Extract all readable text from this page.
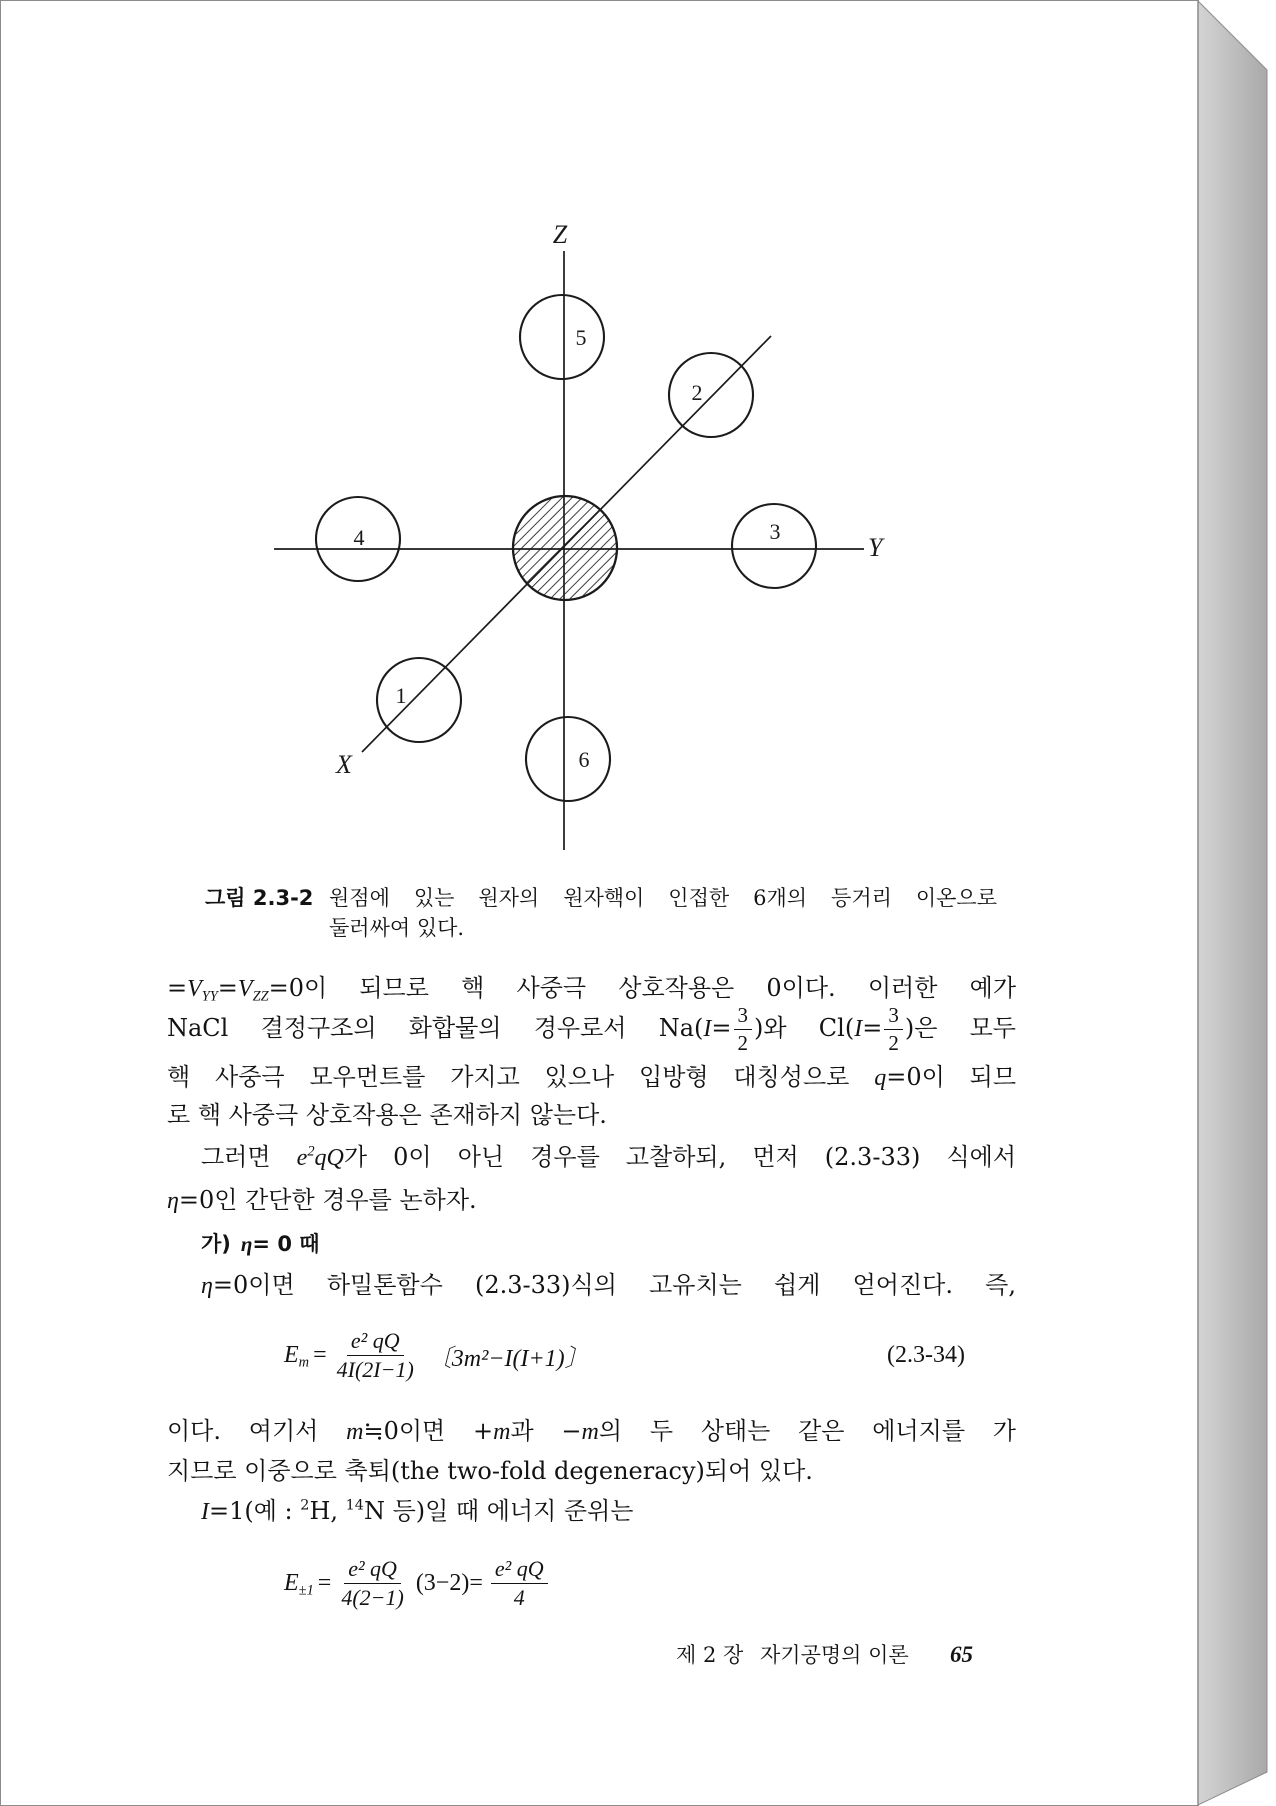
5
2
4	3
1
6
Z
Y
X
그림 2.3-2 원점에 있는 원자의 원자핵이 인접한 6개의 등거리 이온으로
둘러싸여 있다.
$=V_{YY}=V_{ZZ}=0$이 되므로 핵 사중극 상호작용은 0이다. 이러한 예가
NaCl 결정구조의 화합물의 경우로서 $Na(I= \frac{3}{2}$ )와 $Cl(I= \frac{3}{2}$ )은 모두
핵 사중극 모우먼트를 가지고 있으나 입방형 대칭성으로 q=0이 되므
로 핵 사중극 상호작용은 존재하지 않는다.
그러면 $e^2qQ$가 0이 아닌 경우를 고찰하되, 먼저 (2.3-33) 식에서
η=0인 간단한 경우를 논하자.
가) η= 0 때
η=0이면 하밀톤함수 (2.3-33)식의 고유치는 쉽게 얻어진다. 즉,
$E_m = \frac{\text{e² qQ}}{4I(2I-1)}$ 〔3m²−I(I+1)〕	(2.3-34)
이다. 여기서 m≒0이면 +m과 −m의 두 상태는 같은 에너지를 가
지므로 이중으로 축퇴(the two-fold degeneracy)되어 있다.
I=1(예 : $^2$H, $^{14}$N 등)일 때 에너지 준위는
$E_{\pm 1} = \frac{\text{e² qQ}}{4(2-1)} (3-2)= \frac{\text{e² qQ}}{4}$
제 2 장 자기공명의 이론 65
